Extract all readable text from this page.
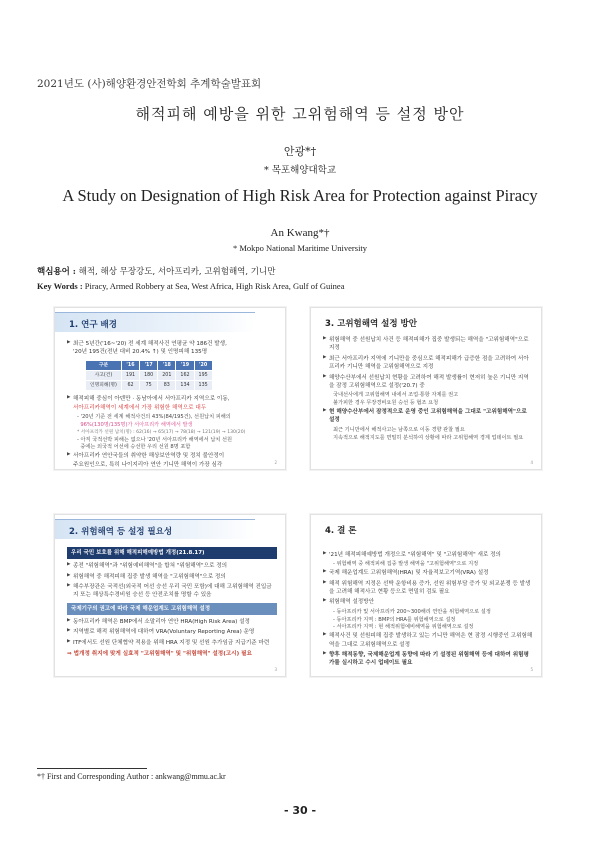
2021년도 (사)해양환경안전학회 추계학술발표회
해적피해 예방을 위한 고위험해역 등 설정 방안
안광*†
* 목포해양대학교
A Study on Designation of High Risk Area for Protection against Piracy
An Kwang*†
* Mokpo National Maritime University
핵심용어 : 해적, 해상 무장강도, 서아프리카, 고위험해역, 기니만
Key Words : Piracy, Armed Robbery at Sea, West Africa, High Risk Area, Gulf of Guinea
1. 연구 배경
▶ 최근 5년간('16~'20) 전 세계 해적사건 연평균 약 186건 발생,
'20년 195건(전년 대비 20.4% ↑) 및 인명피해 135명
구분	'16	'17	'18	'19	'20
사고(건)	191	180	201	162	195
인명피해(명)	62	75	83	134	135
▶ 해적피해 중심이 아덴만 · 동남아에서 서아프리카 지역으로 이동,
서아프리카해역이 세계에서 가장 위험한 해역으로 대두
- '20년 기준 전 세계 해적사건의 43%(84/195건), 선원납치 피해의
96%(130명/135명)가 서아프리카 해역에서 발생
* 서아프리카 선원 납치(명) : 62(16) → 65(17) → 78(18) → 121(19) → 130(20)
- 아직 국적선박 피해는 없으나 '20년 서아프리카 해역에서 납치 선원
중에는 외국적 어선에 승선한 우리 선원 8명 포함
▶ 서아프리카 연안국들의 취약한 해상보안역량 및 정치 불안정이
주요원인으로, 특히 나이지리아 연안 기니만 해역이 가장 심각	2
3. 고위험해역 설정 방안
▶ 위험해역 중 선원납치 사건 등 해적피해가 집중 발생되는 해역을 "고위험해역"으로 지정
▶ 최근 서아프리카 지역에 기니만을 중심으로 해적피해가 급증한 점을 고려하여 서아프리카 기니만 해역을 고위험해역으로 지정
▶ 해양수산부에서 선원납치 현황을 고려하여 해적 발생률이 현저히 높은 기니만 지역을 잠정 고위험해역으로 설정('20.7) 중
국내선사에게 고위험해역 내에서 조업·통항 자제를 권고
불가피한 경우 무장경비요원 승선 등 협조 요청
▶ 현 해양수산부에서 잠정적으로 운영 중인 고위험해역을 그대로 "고위험해역"으로 설정
최근 기니만에서 해적사고는 남쪽으로 이동 경향 관찰 필요
지속적으로 해적지도를 면밀히 분석하여 상황에 따라 고위험해역 경계 업데이트 필요
4
2. 위험해역 등 설정 필요성
우리 국민 보호를 위해 해적피해예방법 개정(21.8.17)
▶ 종전 "위험해역"과 "위험예비해역"을 합쳐 "위험해역"으로 정의
▶ 위험해역 중 해적피해 집중 발생 해역을 "고위험해역"으로 정의
▶ 해수부장관은 국적선(외국적 어선 승선 우리 국민 포함)에 대해 고위험해역 진입금지 또는 해상특수경비원 승선 등 안전조치를 명할 수 있음
국제기구의 권고에 따라 국제 해운업계도 고위험해역 설정
▶ 동아프리카 해역은 BMP에서 소말리아 연안 HRA(High Risk Area) 설정
▶ 지역별로 해적 위험해역에 대하여 VRA(Voluntary Reporting Area) 운영
▶ ITF에서도 선원 단체협약 적용을 위해 HRA 지정 및 선원 추가임금 지급기준 마련
⇒ 법개정 취지에 맞게 실효적 "고위험해역" 및 "위험해역" 설정(고시) 필요
3
4. 결 론
▶ '21년 해적피해예방법 개정으로 "위험해역" 및 "고위험해역" 새로 정의
- 위험해역 중 해적피해 집중 발생 해역을 "고위험해역"으로 지정
▶ 국제 해운업계도 고위험해역(HRA) 및 자율적보고기역(VRA) 설정
▶ 해적 위험해역 지정은 선박 운항비용 증가, 선원 위험부담 증가 및 외교분쟁 등 발생을 고려해 해적사고 현황 등으로 면밀히 검토 필요
▶ 위험해역 설정방안
- 동아프리카 및 서아프리카 200~300해리 연안을 위험해역으로 설정
- 동아프리카 지역 : BMP의 HRA를 위험해역으로 설정
- 서아프리카 지역 : 현 해적위험예비해역을 위험해역으로 설정
▶ 해적사건 및 선원피해 집중 발생하고 있는 기니만 해역은 현 잠정 시행중인 고위험해역을 그대로 고위험해역으로 설정
▶ 향후 해적동향, 국제해운업계 동향에 따라 기 설정된 위험해역 등에 대하여 위험평가를 실시하고 수시 업데이트 필요
5
*† First and Corresponding Author : ankwang@mmu.ac.kr
- 30 -
